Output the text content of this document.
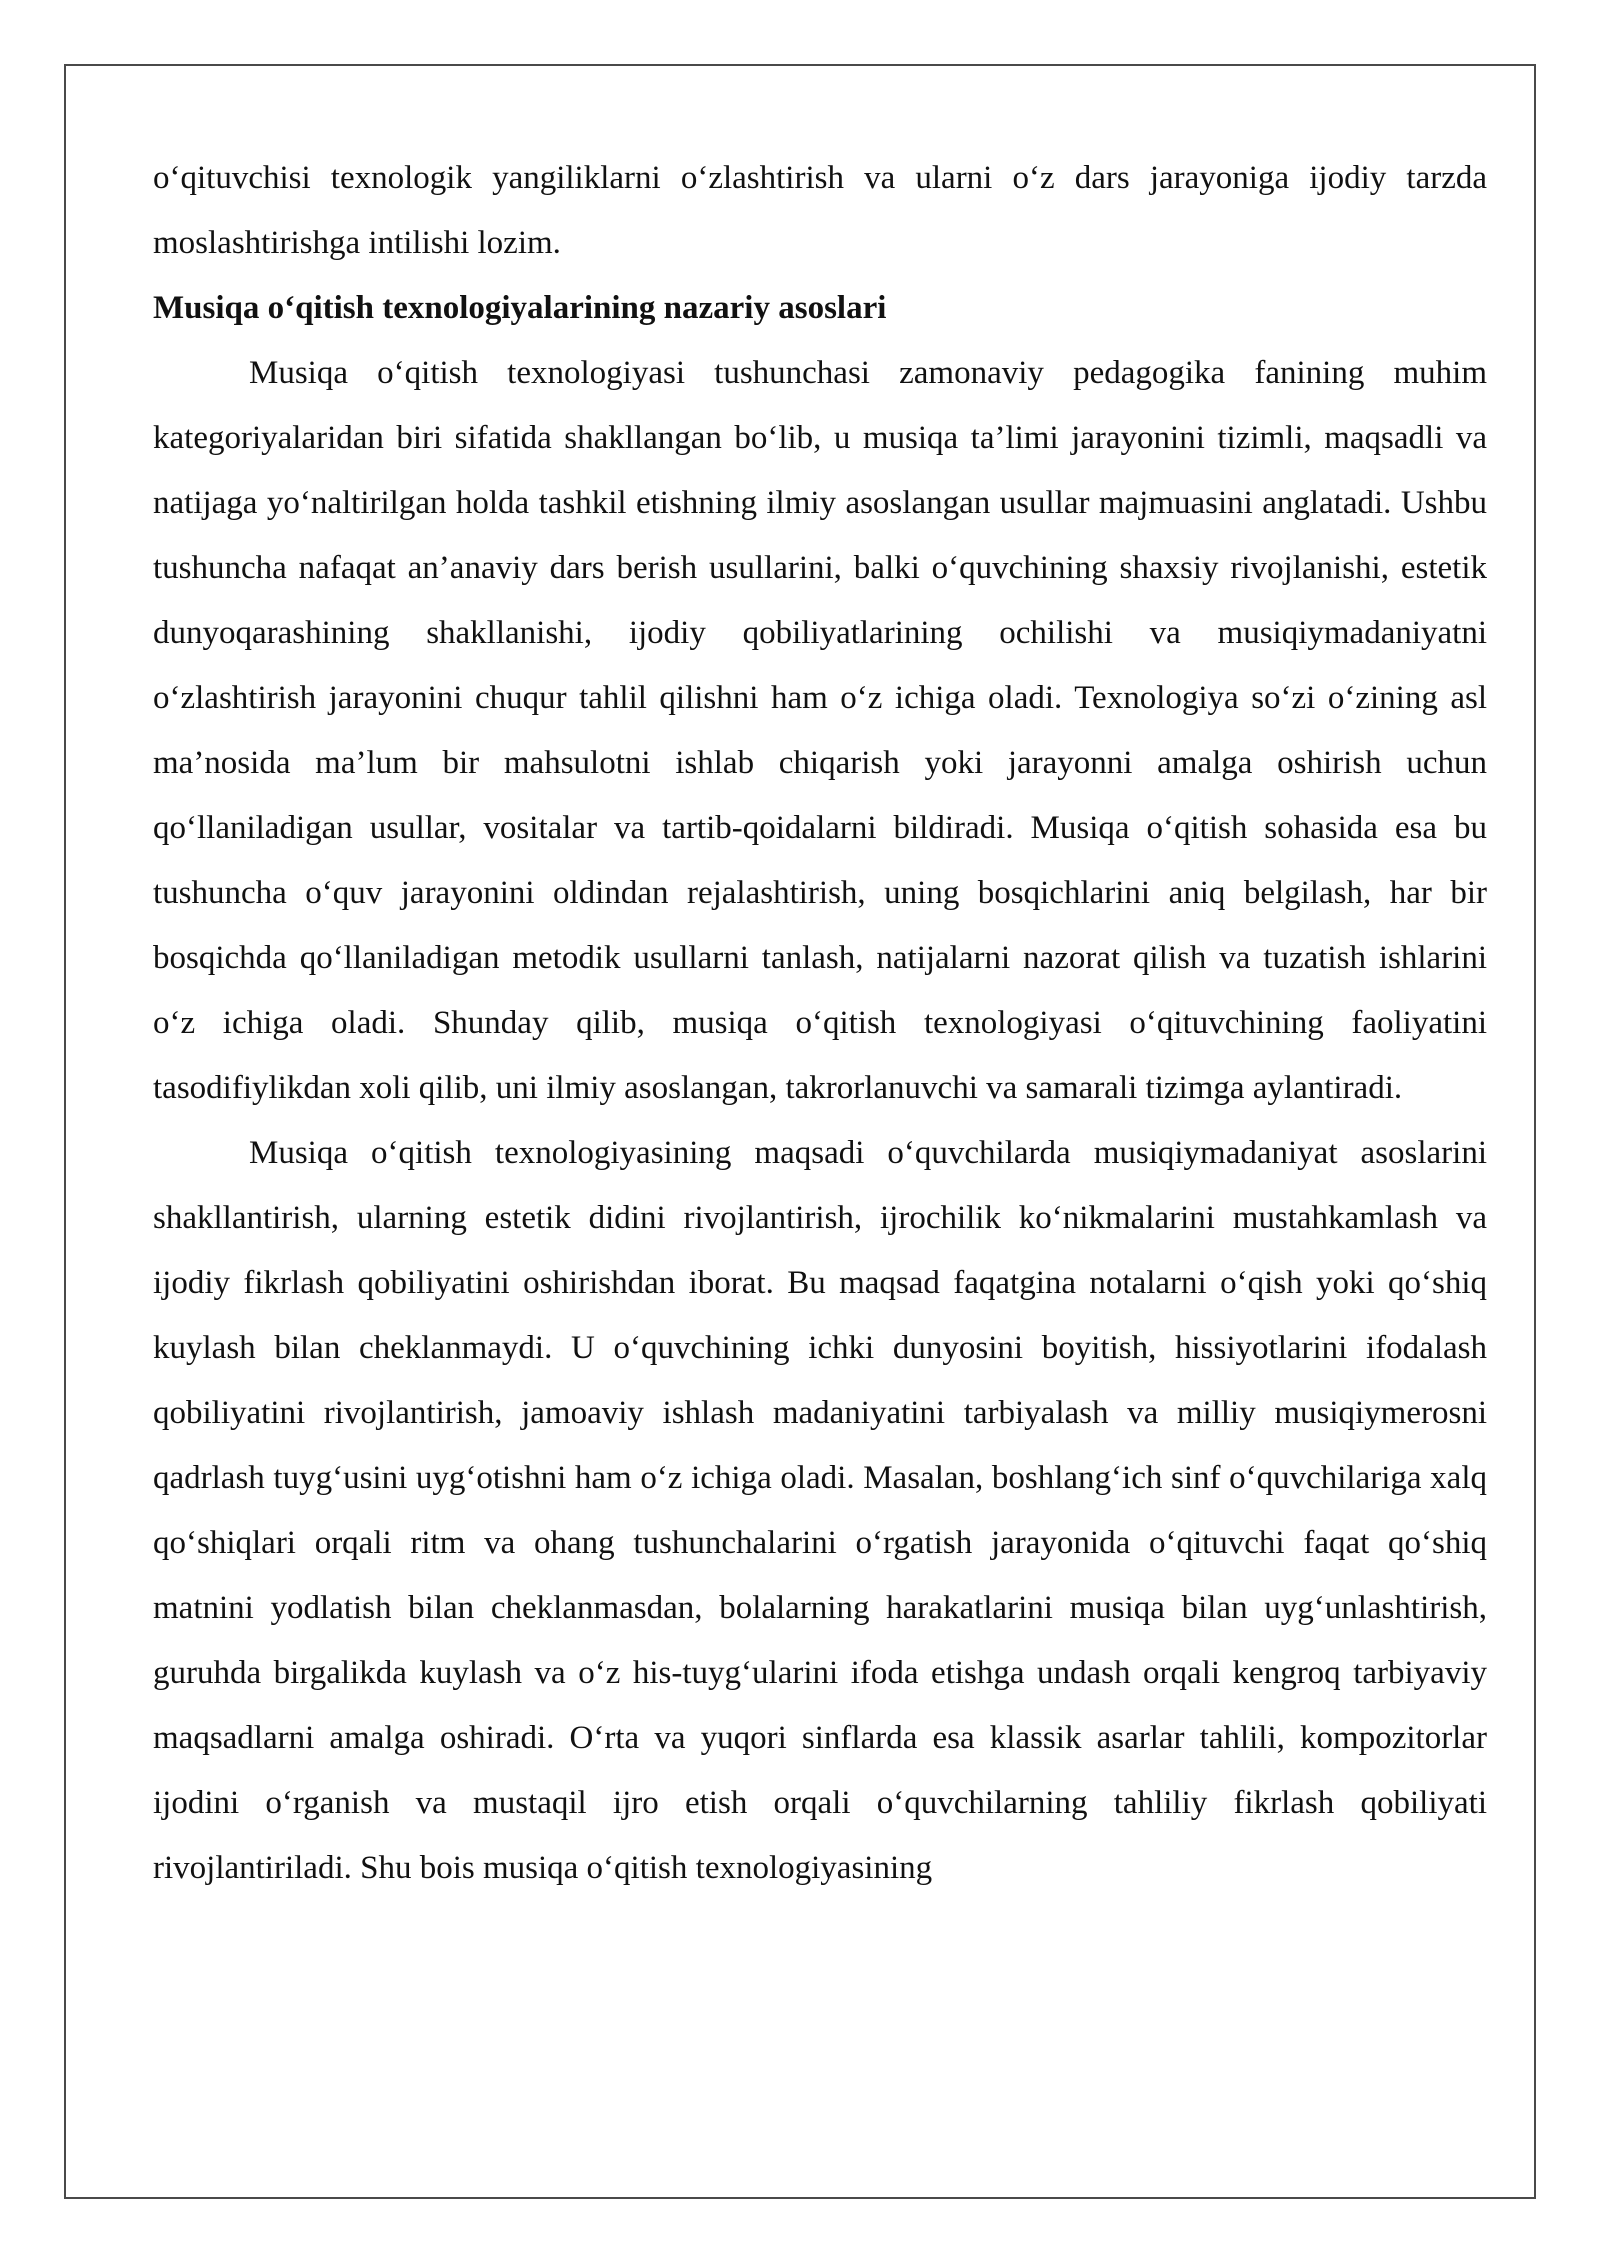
o‘qituvchisi texnologik yangiliklarni o‘zlashtirish va ularni o‘z dars jarayoniga ijodiy tarzda moslashtirishga intilishi lozim.

Musiqa o‘qitish texnologiyalarining nazariy asoslari

Musiqa o‘qitish texnologiyasi tushunchasi zamonaviy pedagogika fanining muhim kategoriyalaridan biri sifatida shakllangan bo‘lib, u musiqa ta’limi jarayonini tizimli, maqsadli va natijaga yo‘naltirilgan holda tashkil etishning ilmiy asoslangan usullar majmuasini anglatadi. Ushbu tushuncha nafaqat an’anaviy dars berish usullarini, balki o‘quvchining shaxsiy rivojlanishi, estetik dunyoqarashining shakllanishi, ijodiy qobiliyatlarining ochilishi va musiqiymadaniyatni o‘zlashtirish jarayonini chuqur tahlil qilishni ham o‘z ichiga oladi. Texnologiya so‘zi o‘zining asl ma’nosida ma’lum bir mahsulotni ishlab chiqarish yoki jarayonni amalga oshirish uchun qo‘llaniladigan usullar, vositalar va tartib-qoidalarni bildiradi. Musiqa o‘qitish sohasida esa bu tushuncha o‘quv jarayonini oldindan rejalashtirish, uning bosqichlarini aniq belgilash, har bir bosqichda qo‘llaniladigan metodik usullarni tanlash, natijalarni nazorat qilish va tuzatish ishlarini o‘z ichiga oladi. Shunday qilib, musiqa o‘qitish texnologiyasi o‘qituvchining faoliyatini tasodifiylikdan xoli qilib, uni ilmiy asoslangan, takrorlanuvchi va samarali tizimga aylantiradi.

Musiqa o‘qitish texnologiyasining maqsadi o‘quvchilarda musiqiymadaniyat asoslarini shakllantirish, ularning estetik didini rivojlantirish, ijrochilik ko‘nikmalarini mustahkamlash va ijodiy fikrlash qobiliyatini oshirishdan iborat. Bu maqsad faqatgina notalarni o‘qish yoki qo‘shiq kuylash bilan cheklanmaydi. U o‘quvchining ichki dunyosini boyitish, hissiyotlarini ifodalash qobiliyatini rivojlantirish, jamoaviy ishlash madaniyatini tarbiyalash va milliy musiqiymerosni qadrlash tuyg‘usini uyg‘otishni ham o‘z ichiga oladi. Masalan, boshlang‘ich sinf o‘quvchilariga xalq qo‘shiqlari orqali ritm va ohang tushunchalarini o‘rgatish jarayonida o‘qituvchi faqat qo‘shiq matnini yodlatish bilan cheklanmasdan, bolalarning harakatlarini musiqa bilan uyg‘unlashtirish, guruhda birgalikda kuylash va o‘z his-tuyg‘ularini ifoda etishga undash orqali kengroq tarbiyaviy maqsadlarni amalga oshiradi. O‘rta va yuqori sinflarda esa klassik asarlar tahlili, kompozitorlar ijodini o‘rganish va mustaqil ijro etish orqali o‘quvchilarning tahliliy fikrlash qobiliyati rivojlantiriladi. Shu bois musiqa o‘qitish texnologiyasining
